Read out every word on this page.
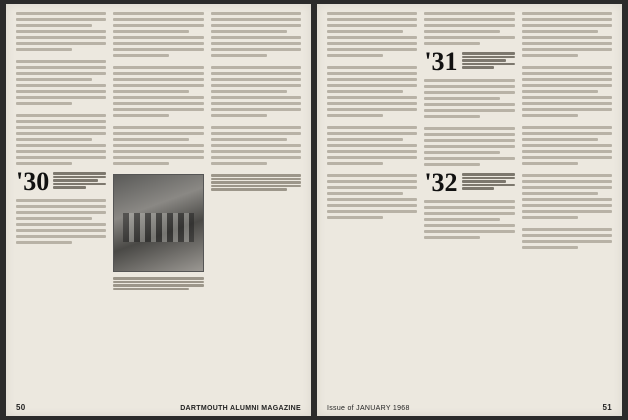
'30
50	DARTMOUTH ALUMNI MAGAZINE
'31
'32
Issue of JANUARY 1968	51
